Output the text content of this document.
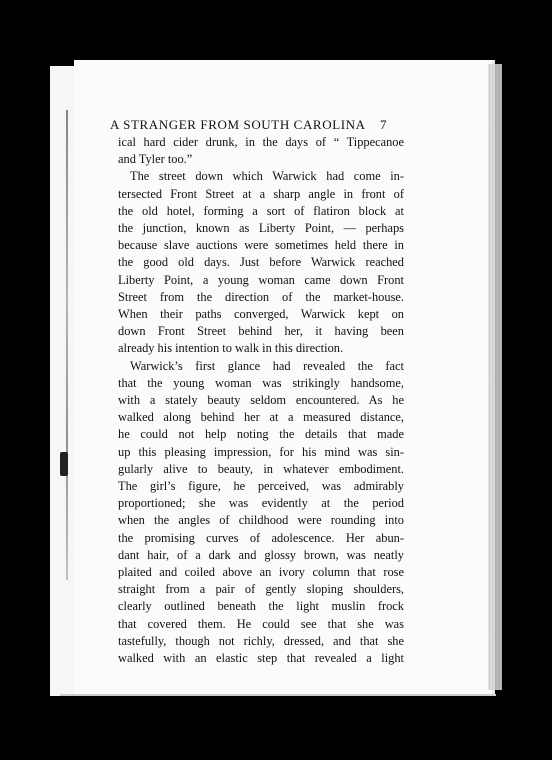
A STRANGER FROM SOUTH CAROLINA	7
ical hard cider drunk, in the days of “ Tippecanoe
and Tyler too.”
The street down which Warwick had come in-
tersected Front Street at a sharp angle in front of
the old hotel, forming a sort of flatiron block at
the junction, known as Liberty Point, — perhaps
because slave auctions were sometimes held there in
the good old days. Just before Warwick reached
Liberty Point, a young woman came down Front
Street from the direction of the market-house.
When their paths converged, Warwick kept on
down Front Street behind her, it having been
already his intention to walk in this direction.
Warwick’s first glance had revealed the fact
that the young woman was strikingly handsome,
with a stately beauty seldom encountered. As he
walked along behind her at a measured distance,
he could not help noting the details that made
up this pleasing impression, for his mind was sin-
gularly alive to beauty, in whatever embodiment.
The girl’s figure, he perceived, was admirably
proportioned; she was evidently at the period
when the angles of childhood were rounding into
the promising curves of adolescence. Her abun-
dant hair, of a dark and glossy brown, was neatly
plaited and coiled above an ivory column that rose
straight from a pair of gently sloping shoulders,
clearly outlined beneath the light muslin frock
that covered them. He could see that she was
tastefully, though not richly, dressed, and that she
walked with an elastic step that revealed a light
